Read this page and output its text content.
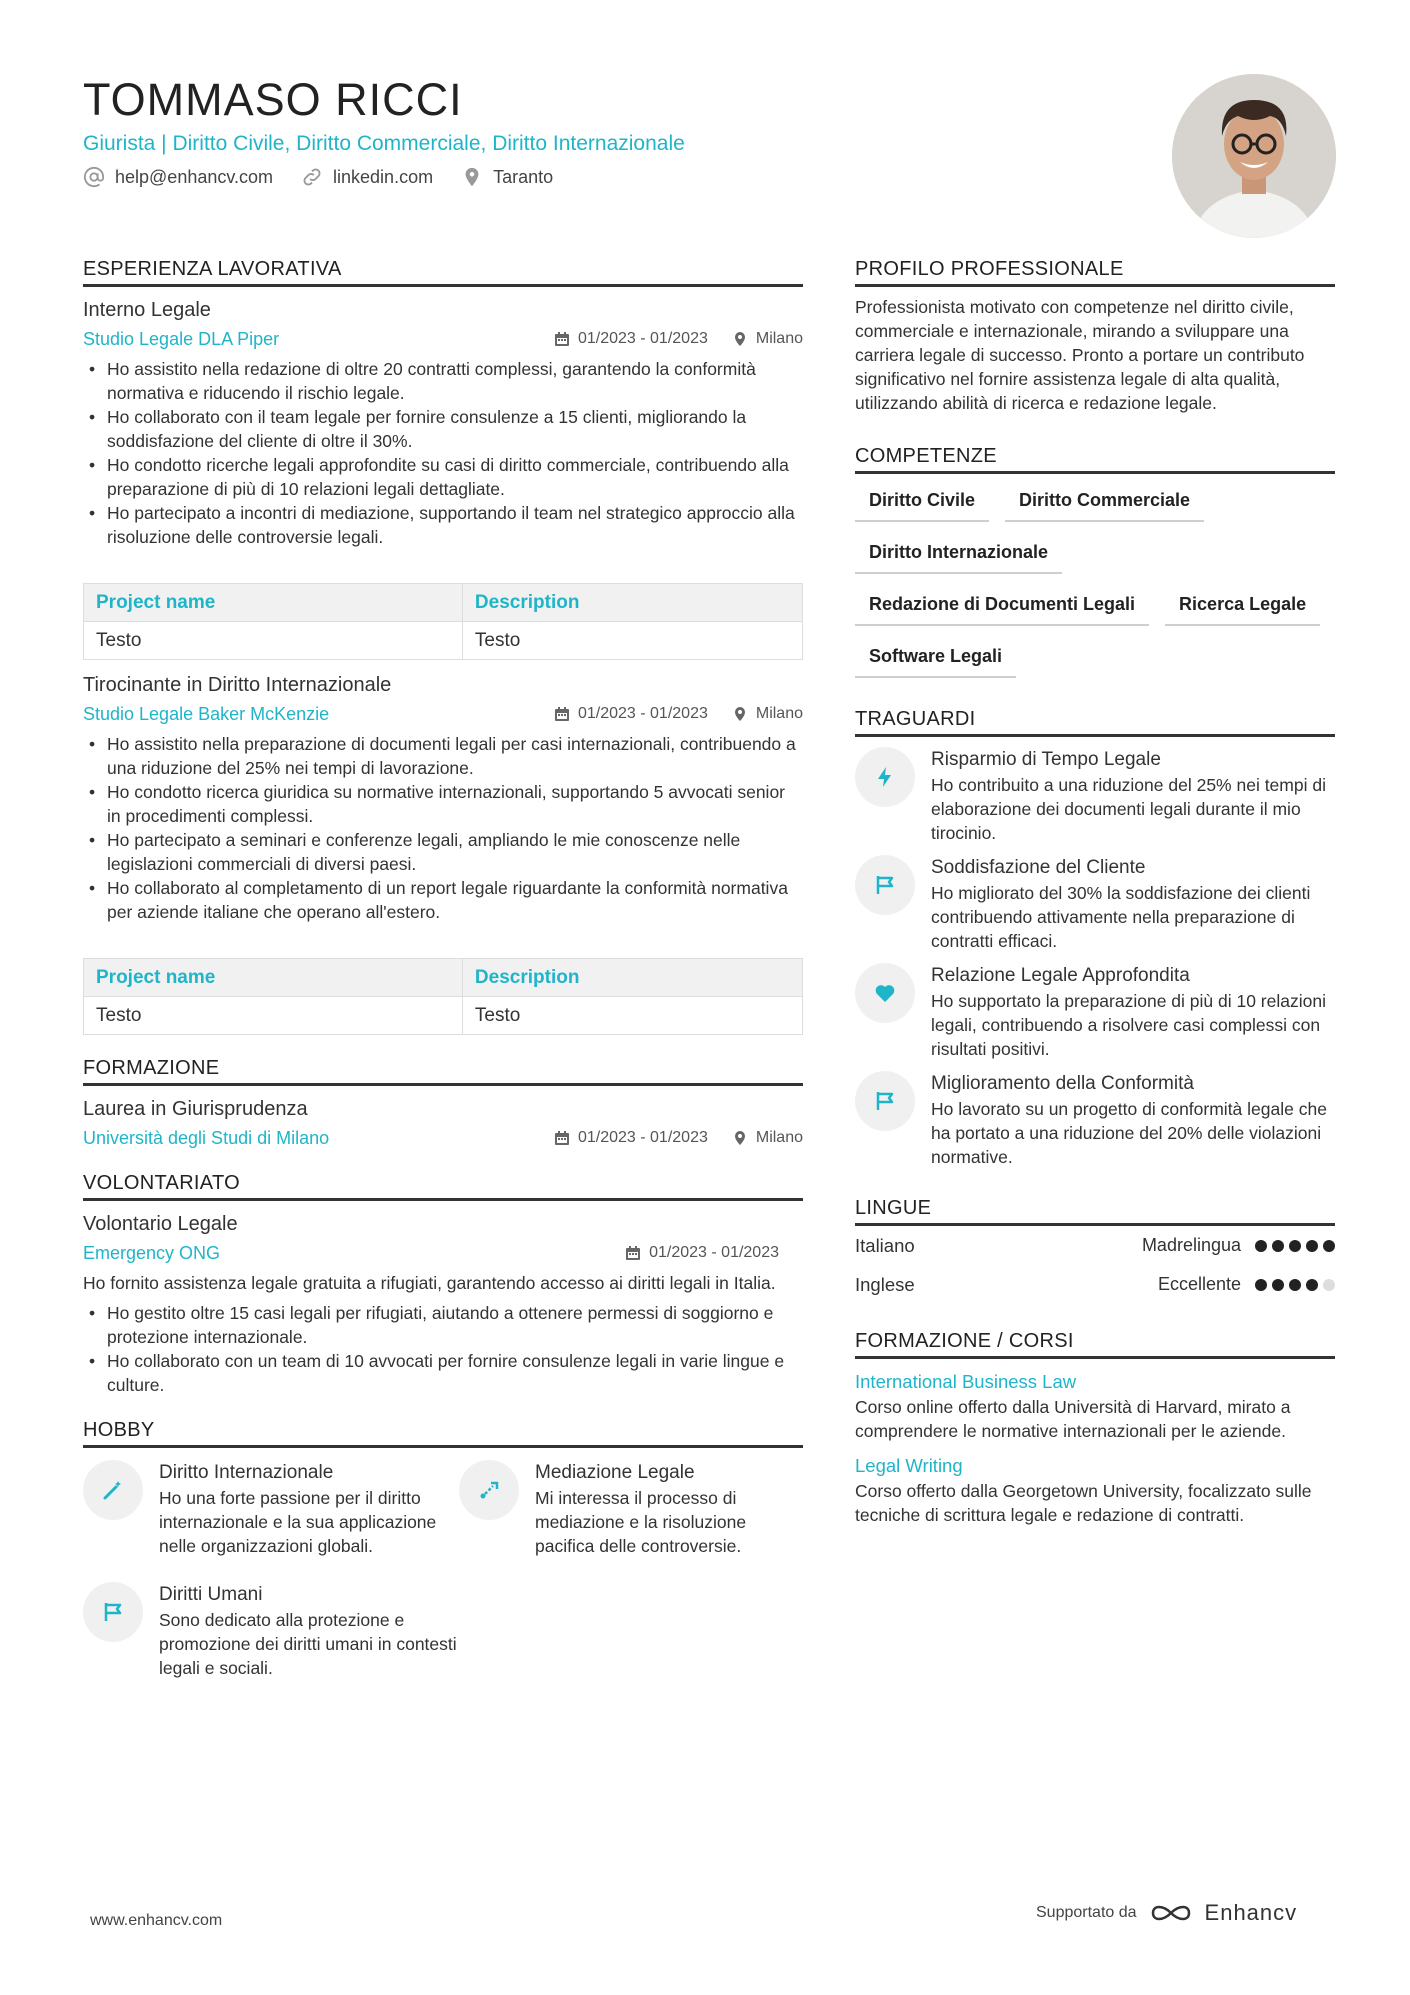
TOMMASO RICCI
Giurista | Diritto Civile, Diritto Commerciale, Diritto Internazionale
help@enhancv.com	linkedin.com	Taranto
ESPERIENZA LAVORATIVA
Interno Legale
Studio Legale DLA Piper	01/2023 - 01/2023	Milano
• Ho assistito nella redazione di oltre 20 contratti complessi, garantendo la conformità normativa e riducendo il rischio legale.
• Ho collaborato con il team legale per fornire consulenze a 15 clienti, migliorando la soddisfazione del cliente di oltre il 30%.
• Ho condotto ricerche legali approfondite su casi di diritto commerciale, contribuendo alla preparazione di più di 10 relazioni legali dettagliate.
• Ho partecipato a incontri di mediazione, supportando il team nel strategico approccio alla risoluzione delle controversie legali.
Project name	Description
Testo	Testo
Tirocinante in Diritto Internazionale
Studio Legale Baker McKenzie	01/2023 - 01/2023	Milano
• Ho assistito nella preparazione di documenti legali per casi internazionali, contribuendo a una riduzione del 25% nei tempi di lavorazione.
• Ho condotto ricerca giuridica su normative internazionali, supportando 5 avvocati senior in procedimenti complessi.
• Ho partecipato a seminari e conferenze legali, ampliando le mie conoscenze nelle legislazioni commerciali di diversi paesi.
• Ho collaborato al completamento di un report legale riguardante la conformità normativa per aziende italiane che operano all'estero.
Project name	Description
Testo	Testo
FORMAZIONE
Laurea in Giurisprudenza
Università degli Studi di Milano	01/2023 - 01/2023	Milano
VOLONTARIATO
Volontario Legale
Emergency ONG	01/2023 - 01/2023
Ho fornito assistenza legale gratuita a rifugiati, garantendo accesso ai diritti legali in Italia.
• Ho gestito oltre 15 casi legali per rifugiati, aiutando a ottenere permessi di soggiorno e protezione internazionale.
• Ho collaborato con un team di 10 avvocati per fornire consulenze legali in varie lingue e culture.
HOBBY
Diritto Internazionale
Ho una forte passione per il diritto internazionale e la sua applicazione nelle organizzazioni globali.
Mediazione Legale
Mi interessa il processo di mediazione e la risoluzione pacifica delle controversie.
Diritti Umani
Sono dedicato alla protezione e promozione dei diritti umani in contesti legali e sociali.
PROFILO PROFESSIONALE
Professionista motivato con competenze nel diritto civile, commerciale e internazionale, mirando a sviluppare una carriera legale di successo. Pronto a portare un contributo significativo nel fornire assistenza legale di alta qualità, utilizzando abilità di ricerca e redazione legale.
COMPETENZE
Diritto Civile	Diritto Commerciale
Diritto Internazionale
Redazione di Documenti Legali	Ricerca Legale
Software Legali
TRAGUARDI
Risparmio di Tempo Legale
Ho contribuito a una riduzione del 25% nei tempi di elaborazione dei documenti legali durante il mio tirocinio.
Soddisfazione del Cliente
Ho migliorato del 30% la soddisfazione dei clienti contribuendo attivamente nella preparazione di contratti efficaci.
Relazione Legale Approfondita
Ho supportato la preparazione di più di 10 relazioni legali, contribuendo a risolvere casi complessi con risultati positivi.
Miglioramento della Conformità
Ho lavorato su un progetto di conformità legale che ha portato a una riduzione del 20% delle violazioni normative.
LINGUE
Italiano	Madrelingua
Inglese	Eccellente
FORMAZIONE / CORSI
International Business Law
Corso online offerto dalla Università di Harvard, mirato a comprendere le normative internazionali per le aziende.
Legal Writing
Corso offerto dalla Georgetown University, focalizzato sulle tecniche di scrittura legale e redazione di contratti.
www.enhancv.com	Supportato da	Enhancv
